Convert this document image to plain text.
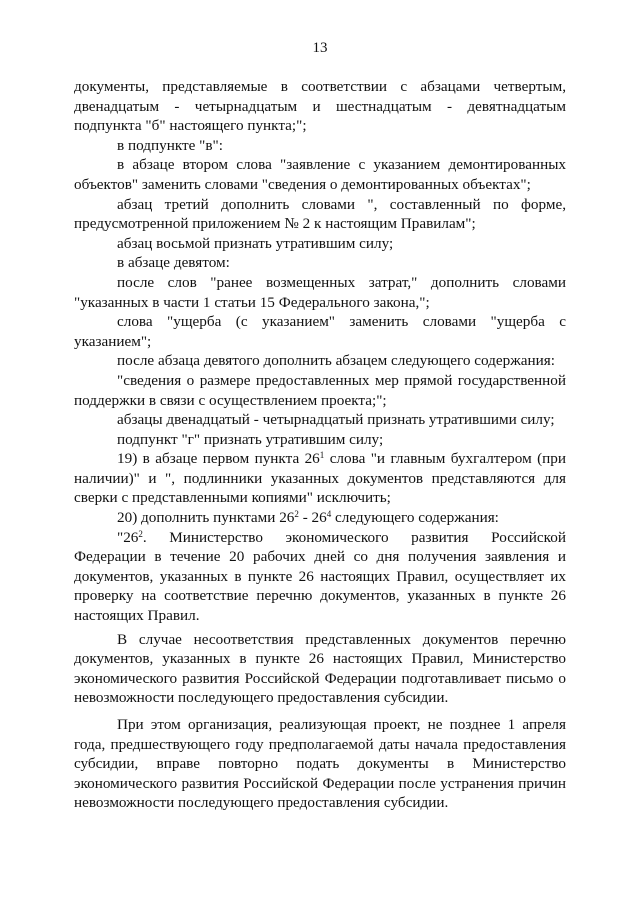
13

документы, представляемые в соответствии с абзацами четвертым, двенадцатым - четырнадцатым и шестнадцатым - девятнадцатым подпункта "б" настоящего пункта;";

в подпункте "в":

в абзаце втором слова "заявление с указанием демонтированных объектов" заменить словами "сведения о демонтированных объектах";

абзац третий дополнить словами ", составленный по форме, предусмотренной приложением № 2 к настоящим Правилам";

абзац восьмой признать утратившим силу;

в абзаце девятом:

после слов "ранее возмещенных затрат," дополнить словами "указанных в части 1 статьи 15 Федерального закона,";

слова "ущерба (с указанием" заменить словами "ущерба с указанием";

после абзаца девятого дополнить абзацем следующего содержания:

"сведения о размере предоставленных мер прямой государственной поддержки в связи с осуществлением проекта;";

абзацы двенадцатый - четырнадцатый признать утратившими силу;

подпункт "г" признать утратившим силу;

19) в абзаце первом пункта $26^1$ слова "и главным бухгалтером (при наличии)" и ", подлинники указанных документов представляются для сверки с представленными копиями" исключить;

20) дополнить пунктами $26^2 - 26^4$ следующего содержания:

"$26^2$. Министерство экономического развития Российской Федерации в течение 20 рабочих дней со дня получения заявления и документов, указанных в пункте 26 настоящих Правил, осуществляет их проверку на соответствие перечню документов, указанных в пункте 26 настоящих Правил.

В случае несоответствия представленных документов перечню документов, указанных в пункте 26 настоящих Правил, Министерство экономического развития Российской Федерации подготавливает письмо о невозможности последующего предоставления субсидии.

При этом организация, реализующая проект, не позднее 1 апреля года, предшествующего году предполагаемой даты начала предоставления субсидии, вправе повторно подать документы в Министерство экономического развития Российской Федерации после устранения причин невозможности последующего предоставления субсидии.
